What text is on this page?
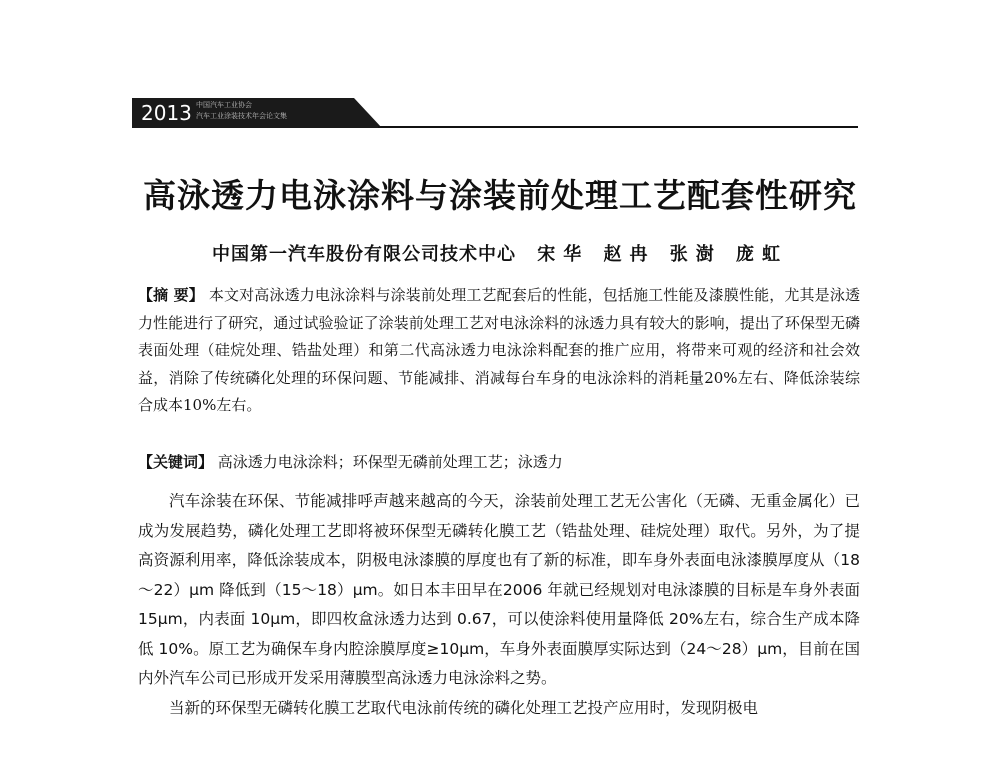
2013 中国汽车工业协会
汽车工业涂装技术年会论文集
高泳透力电泳涂料与涂装前处理工艺配套性研究
中国第一汽车股份有限公司技术中心 宋华 赵冉 张澍 庞虹
【摘 要】 本文对高泳透力电泳涂料与涂装前处理工艺配套后的性能，包括施工性能及漆膜性能，尤其是泳透力性能进行了研究，通过试验验证了涂装前处理工艺对电泳涂料的泳透力具有较大的影响，提出了环保型无磷表面处理（硅烷处理、锆盐处理）和第二代高泳透力电泳涂料配套的推广应用，将带来可观的经济和社会效益，消除了传统磷化处理的环保问题、节能减排、消减每台车身的电泳涂料的消耗量20%左右、降低涂装综合成本10%左右。
【关键词】 高泳透力电泳涂料；环保型无磷前处理工艺；泳透力

汽车涂装在环保、节能减排呼声越来越高的今天，涂装前处理工艺无公害化（无磷、无重金属化）已成为发展趋势，磷化处理工艺即将被环保型无磷转化膜工艺（锆盐处理、硅烷处理）取代。另外，为了提高资源利用率，降低涂装成本，阴极电泳漆膜的厚度也有了新的标准，即车身外表面电泳漆膜厚度从（18～22）μm 降低到（15～18）μm。如日本丰田早在2006 年就已经规划对电泳漆膜的目标是车身外表面 15μm，内表面 10μm，即四枚盒泳透力达到 0.67，可以使涂料使用量降低 20%左右，综合生产成本降低 10%。原工艺为确保车身内腔涂膜厚度≥10μm，车身外表面膜厚实际达到（24～28）μm，目前在国内外汽车公司已形成开发采用薄膜型高泳透力电泳涂料之势。

当新的环保型无磷转化膜工艺取代电泳前传统的磷化处理工艺投产应用时，发现阴极电
